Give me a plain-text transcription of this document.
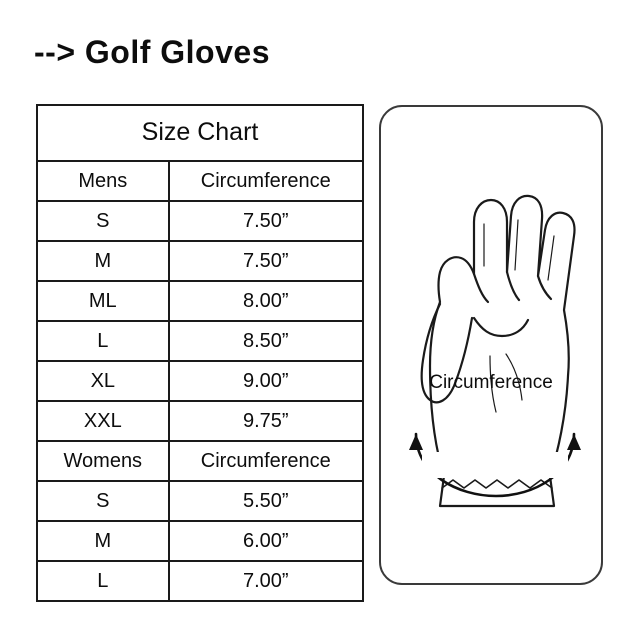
--> Golf Gloves
Size Chart
Mens	Circumference
S	7.50”
M	7.50”
ML	8.00”
L	8.50”
XL	9.00”
XXL	9.75”
Womens	Circumference
S	5.50”
M	6.00”
L	7.00”
Circumference
